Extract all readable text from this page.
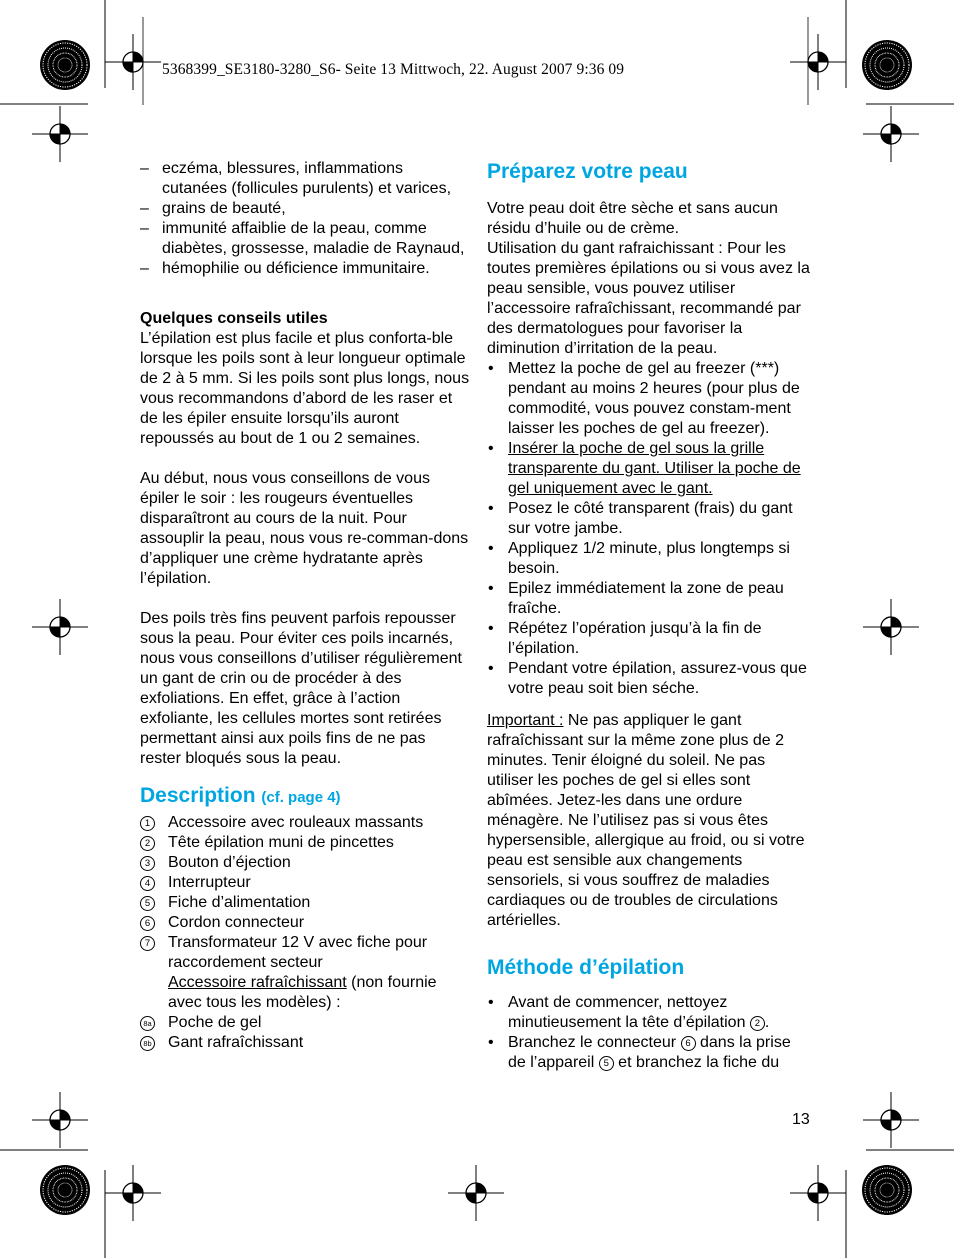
5368399_SE3180-3280_S6- Seite 13 Mittwoch, 22. August 2007 9:36 09
– eczéma, blessures, inflammations cutanées (follicules purulents) et varices,
– grains de beauté,
– immunité affaiblie de la peau, comme diabètes, grossesse, maladie de Raynaud,
– hémophilie ou déficience immunitaire.

Quelques conseils utiles

L’épilation est plus facile et plus conforta-ble lorsque les poils sont à leur longueur optimale de 2 à 5 mm. Si les poils sont plus longs, nous vous recommandons d’abord de les raser et de les épiler ensuite lorsqu’ils auront repoussés au bout de 1 ou 2 semaines.

Au début, nous vous conseillons de vous épiler le soir : les rougeurs éventuelles disparaîtront au cours de la nuit. Pour assouplir la peau, nous vous re-comman-dons d’appliquer une crème hydratante après l’épilation.

Des poils très fins peuvent parfois repousser sous la peau. Pour éviter ces poils incarnés, nous vous conseillons d’utiliser régulièrement un gant de crin ou de procéder à des exfoliations. En effet, grâce à l’action exfoliante, les cellules mortes sont retirées permettant ainsi aux poils fins de ne pas rester bloqués sous la peau.

Description (cf. page 4)
1	Accessoire avec rouleaux massants
2	Tête épilation muni de pincettes
3	Bouton d’éjection
4	Interrupteur
5	Fiche d’alimentation
6	Cordon connecteur
7	Transformateur 12 V avec fiche pour raccordement secteur
Accessoire rafraîchissant (non fournie avec tous les modèles) :
8a Poche de gel
8b Gant rafraîchissant
Préparez votre peau

Votre peau doit être sèche et sans aucun résidu d’huile ou de crème.

Utilisation du gant rafraichissant : Pour les toutes premières épilations ou si vous avez la peau sensible, vous pouvez utiliser l’accessoire rafraîchissant, recommandé par des dermatologues pour favoriser la diminution d’irritation de la peau.

• Mettez la poche de gel au freezer (***) pendant au moins 2 heures (pour plus de commodité, vous pouvez constam-ment laisser les poches de gel au freezer).
• Insérer la poche de gel sous la grille transparente du gant. Utiliser la poche de gel uniquement avec le gant.
• Posez le côté transparent (frais) du gant sur votre jambe.
• Appliquez 1/2 minute, plus longtemps si besoin.
• Epilez immédiatement la zone de peau fraîche.
• Répétez l’opération jusqu’à la fin de l’épilation.
• Pendant votre épilation, assurez-vous que votre peau soit bien séche.

Important : Ne pas appliquer le gant rafraîchissant sur la même zone plus de 2 minutes. Tenir éloigné du soleil. Ne pas utiliser les poches de gel si elles sont abîmées. Jetez-les dans une ordure ménagère. Ne l’utilisez pas si vous êtes hypersensible, allergique au froid, ou si votre peau est sensible aux changements sensoriels, si vous souffrez de maladies cardiaques ou de troubles de circulations artérielles.

Méthode d’épilation
• Avant de commencer, nettoyez minutieusement la tête d’épilation 2 .
• Branchez le connecteur 6 dans la prise de l’appareil 5 et branchez la fiche du
13
